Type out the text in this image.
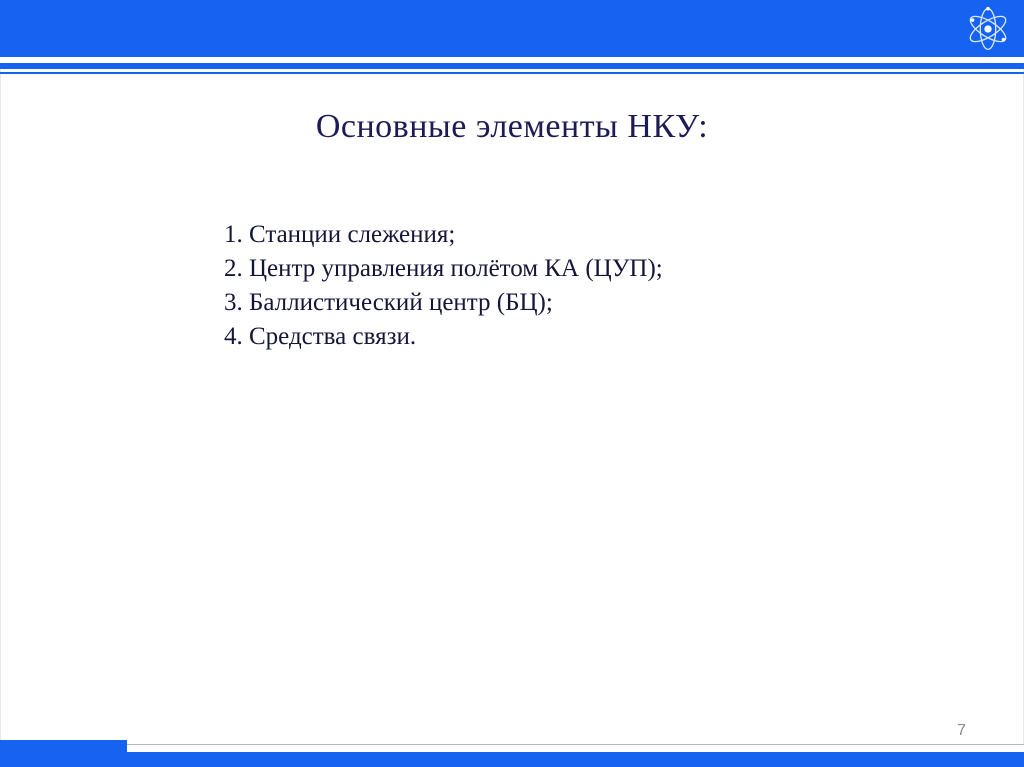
Основные элементы НКУ:
1. Станции слежения;
2. Центр управления полётом КА (ЦУП);
3. Баллистический центр (БЦ);
4. Средства связи.
7
